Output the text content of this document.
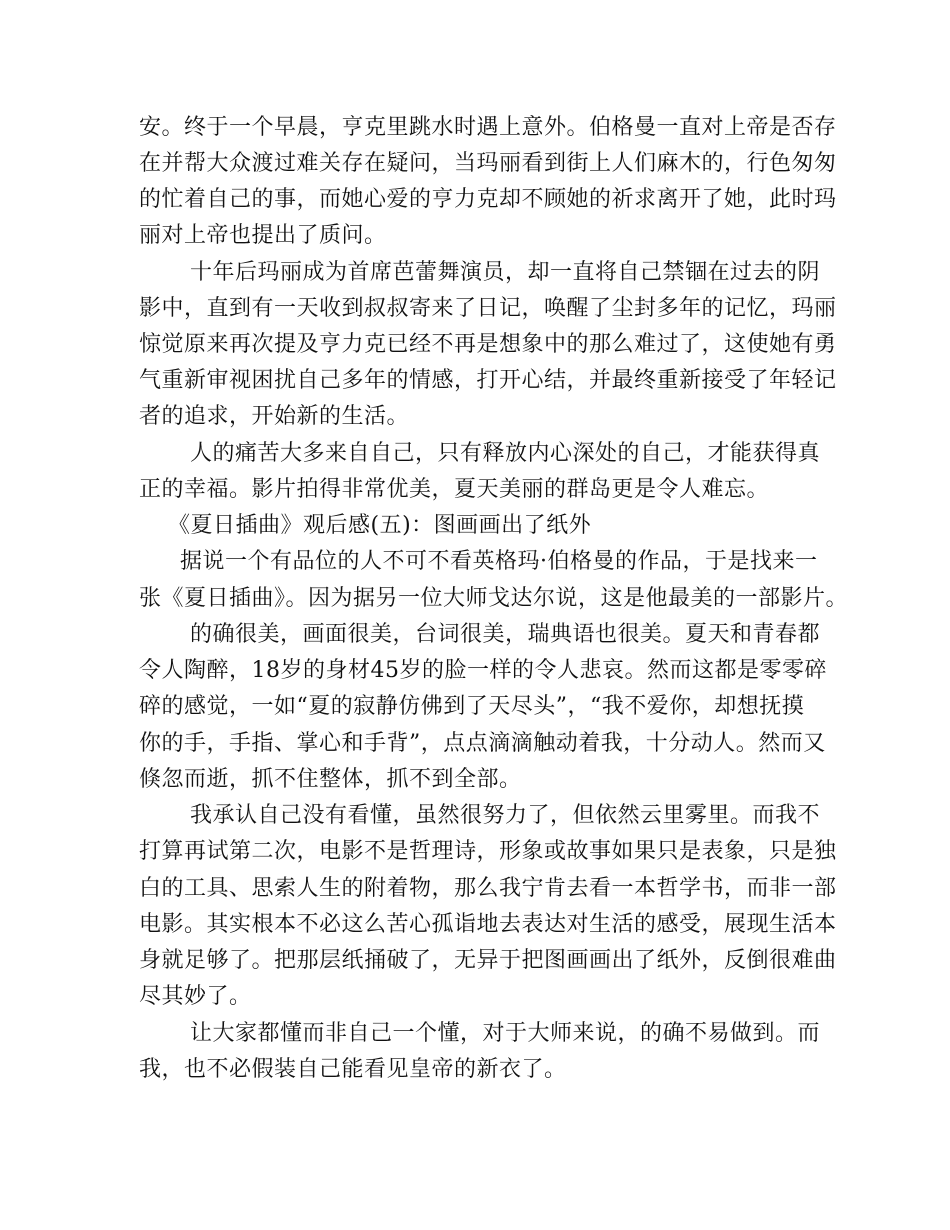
安。终于一个早晨，亨克里跳水时遇上意外。伯格曼一直对上帝是否存
在并帮大众渡过难关存在疑问，当玛丽看到街上人们麻木的，行色匆匆
的忙着自己的事，而她心爱的亨力克却不顾她的祈求离开了她，此时玛
丽对上帝也提出了质问。
十年后玛丽成为首席芭蕾舞演员，却一直将自己禁锢在过去的阴
影中，直到有一天收到叔叔寄来了日记，唤醒了尘封多年的记忆，玛丽
惊觉原来再次提及亨力克已经不再是想象中的那么难过了，这使她有勇
气重新审视困扰自己多年的情感，打开心结，并最终重新接受了年轻记
者的追求，开始新的生活。
人的痛苦大多来自自己，只有释放内心深处的自己，才能获得真
正的幸福。影片拍得非常优美，夏天美丽的群岛更是令人难忘。
《夏日插曲》观后感(五)：图画画出了纸外
据说一个有品位的人不可不看英格玛·伯格曼的作品，于是找来一
张《夏日插曲》。因为据另一位大师戈达尔说，这是他最美的一部影片。
的确很美，画面很美，台词很美，瑞典语也很美。夏天和青春都
令人陶醉，18岁的身材45岁的脸一样的令人悲哀。然而这都是零零碎
碎的感觉，一如“夏的寂静仿佛到了天尽头”，“我不爱你，却想抚摸
你的手，手指、掌心和手背”，点点滴滴触动着我，十分动人。然而又
倏忽而逝，抓不住整体，抓不到全部。
我承认自己没有看懂，虽然很努力了，但依然云里雾里。而我不
打算再试第二次，电影不是哲理诗，形象或故事如果只是表象，只是独
白的工具、思索人生的附着物，那么我宁肯去看一本哲学书，而非一部
电影。其实根本不必这么苦心孤诣地去表达对生活的感受，展现生活本
身就足够了。把那层纸捅破了，无异于把图画画出了纸外，反倒很难曲
尽其妙了。
让大家都懂而非自己一个懂，对于大师来说，的确不易做到。而
我，也不必假装自己能看见皇帝的新衣了。
